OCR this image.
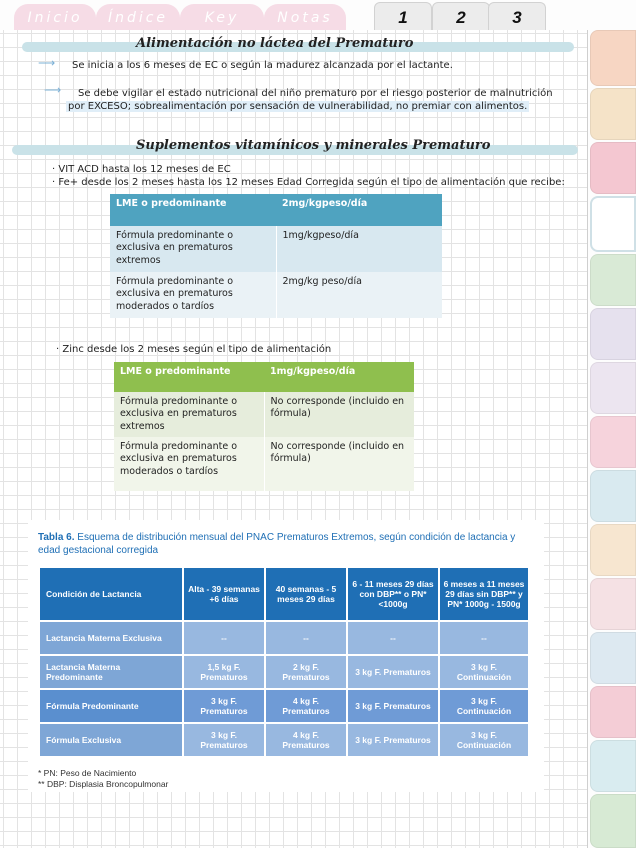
Inicio	Índice	Key	Notas	1	2	3
Alimentación no láctea del Prematuro
⟶ Se inicia a los 6 meses de EC o según la madurez alcanzada por el lactante.
⟶ Se debe vigilar el estado nutricional del niño prematuro por el riesgo posterior de malnutrición
por EXCESO; sobrealimentación por sensación de vulnerabilidad, no premiar con alimentos.
Suplementos vitamínicos y minerales Prematuro
· VIT ACD hasta los 12 meses de EC
· Fe+ desde los 2 meses hasta los 12 meses Edad Corregida según el tipo de alimentación que recibe:
LME o predominante	2mg/kgpeso/día
Fórmula predominante o exclusiva en prematuros extremos	1mg/kgpeso/día
Fórmula predominante o exclusiva en prematuros moderados o tardíos	2mg/kg peso/día
· Zinc desde los 2 meses según el tipo de alimentación
LME o predominante	1mg/kgpeso/día
Fórmula predominante o exclusiva en prematuros extremos	No corresponde (incluido en fórmula)
Fórmula predominante o exclusiva en prematuros moderados o tardíos	No corresponde (incluido en fórmula)
Tabla 6. Esquema de distribución mensual del PNAC Prematuros Extremos, según condición de lactancia y edad gestacional corregida
Condición de Lactancia	Alta - 39 semanas +6 días	40 semanas - 5 meses 29 días	6 - 11 meses 29 días con DBP** o PN* <1000g	6 meses a 11 meses 29 días sin DBP** y PN* 1000g - 1500g
Lactancia Materna Exclusiva	--	--	--	--
Lactancia Materna Predominante	1,5 kg F. Prematuros	2 kg F. Prematuros	3 kg F. Prematuros	3 kg F. Continuación
Fórmula Predominante	3 kg F. Prematuros	4 kg F. Prematuros	3 kg F. Prematuros	3 kg F. Continuación
Fórmula Exclusiva	3 kg F. Prematuros	4 kg F. Prematuros	3 kg F. Prematuros	3 kg F. Continuación
* PN: Peso de Nacimiento
** DBP: Displasia Broncopulmonar
